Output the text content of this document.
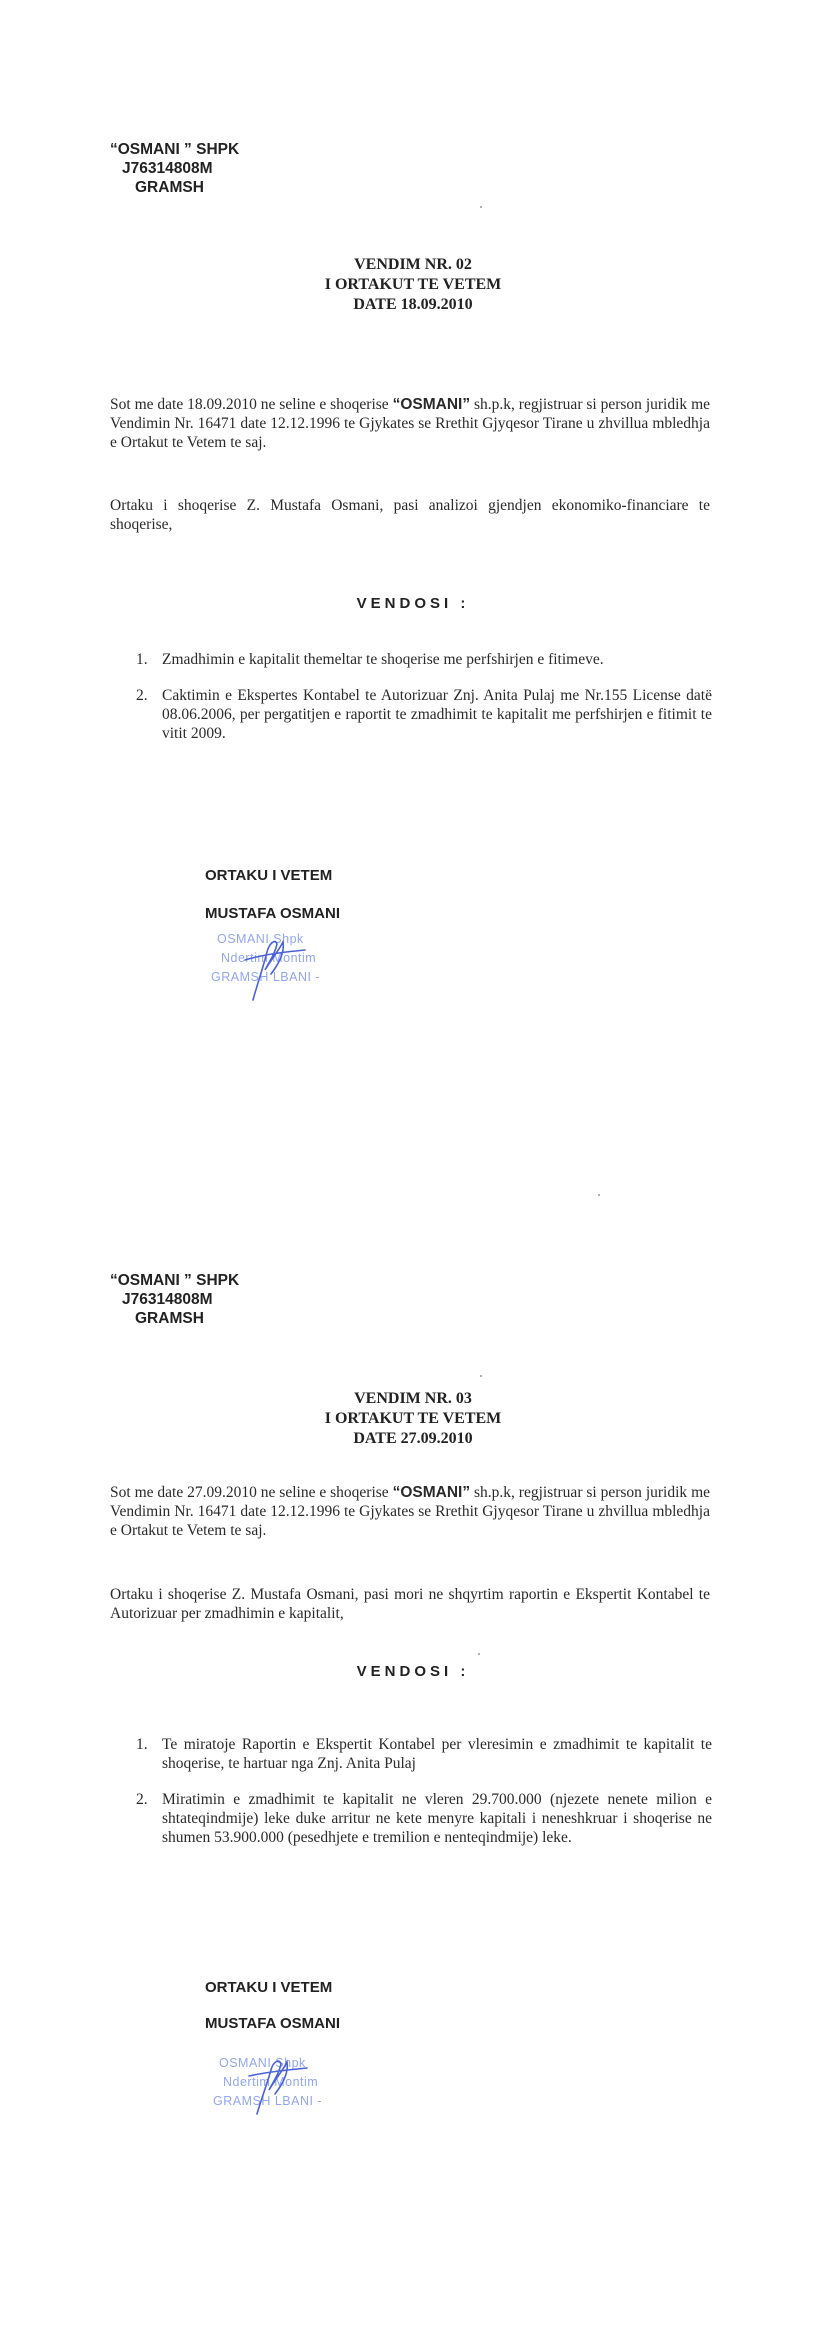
“OSMANI ” SHPK
J76314808M
GRAMSH
VENDIM NR. 02
I ORTAKUT TE VETEM
DATE 18.09.2010
Sot me date 18.09.2010 ne seline e shoqerise “OSMANI” sh.p.k, regjistruar si person juridik me Vendimin Nr. 16471 date 12.12.1996 te Gjykates se Rrethit Gjyqesor Tirane u zhvillua mbledhja e Ortakut te Vetem te saj.
Ortaku i shoqerise Z. Mustafa Osmani, pasi analizoi gjendjen ekonomiko-financiare te shoqerise,
VENDOSI :
1. Zmadhimin e kapitalit themeltar te shoqerise me perfshirjen e fitimeve.
2. Caktimin e Ekspertes Kontabel te Autorizuar Znj. Anita Pulaj me Nr.155 License datë 08.06.2006, per pergatitjen e raportit te zmadhimit te kapitalit me perfshirjen e fitimit te vitit 2009.
ORTAKU I VETEM
MUSTAFA OSMANI
OSMANI Shpk
Ndertim Montim
GRAMSH LBANI -
“OSMANI ” SHPK
J76314808M
GRAMSH
VENDIM NR. 03
I ORTAKUT TE VETEM
DATE 27.09.2010
Sot me date 27.09.2010 ne seline e shoqerise “OSMANI” sh.p.k, regjistruar si person juridik me Vendimin Nr. 16471 date 12.12.1996 te Gjykates se Rrethit Gjyqesor Tirane u zhvillua mbledhja e Ortakut te Vetem te saj.
Ortaku i shoqerise Z. Mustafa Osmani, pasi mori ne shqyrtim raportin e Ekspertit Kontabel te Autorizuar per zmadhimin e kapitalit,
VENDOSI :
1. Te miratoje Raportin e Ekspertit Kontabel per vleresimin e zmadhimit te kapitalit te shoqerise, te hartuar nga Znj. Anita Pulaj
2. Miratimin e zmadhimit te kapitalit ne vleren 29.700.000 (njezete nenete milion e shtateqindmije) leke duke arritur ne kete menyre kapitali i neneshkruar i shoqerise ne shumen 53.900.000 (pesedhjete e tremilion e nenteqindmije) leke.
ORTAKU I VETEM
MUSTAFA OSMANI
OSMANI Shpk
Ndertim Montim
GRAMSH LBANI -
